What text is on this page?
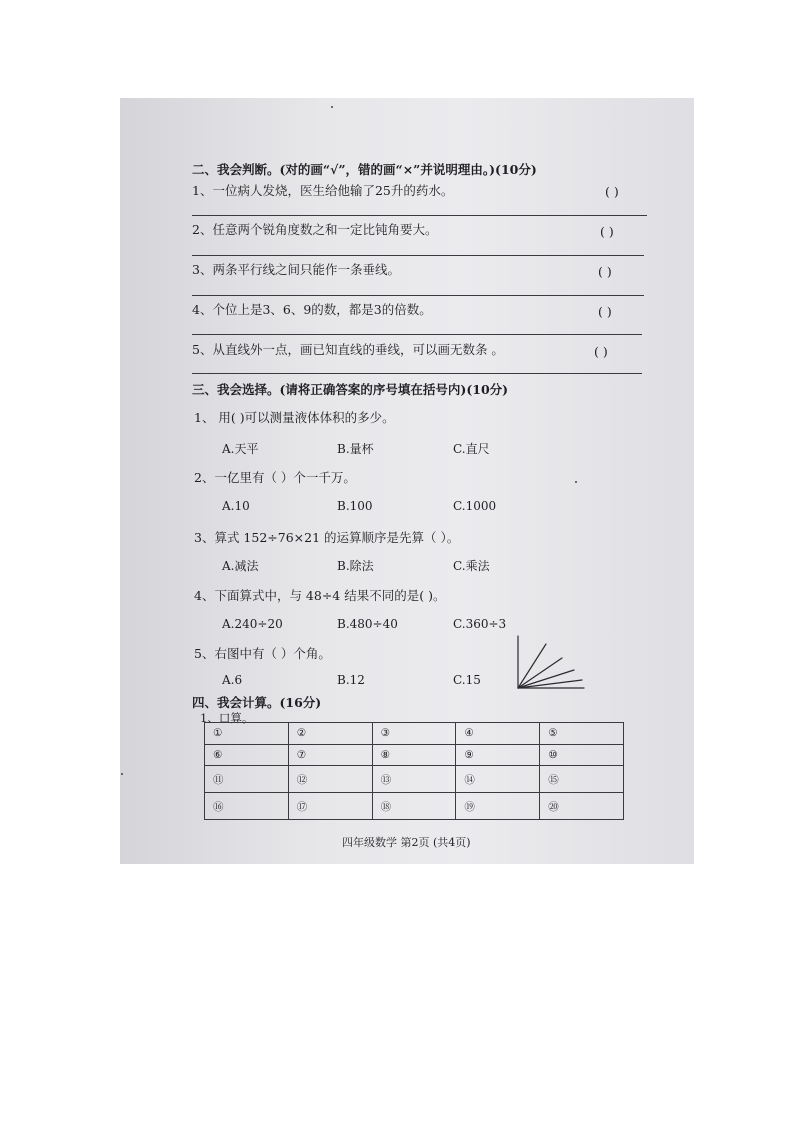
二、我会判断。(对的画“√”，错的画“×”并说明理由。)(10分)
1、一位病人发烧，医生给他输了25升的药水。	( )
2、任意两个锐角度数之和一定比钝角要大。	( )
3、两条平行线之间只能作一条垂线。	( )
4、个位上是3、6、9的数，都是3的倍数。	( )
5、从直线外一点，画已知直线的垂线，可以画无数条 。	( )
三、我会选择。(请将正确答案的序号填在括号内)(10分)
1、 用( )可以测量液体体积的多少。
A.天平	B.量杯	C.直尺
2、一亿里有（ ）个一千万。
A.10	B.100	C.1000
3、算式 152÷76×21 的运算顺序是先算（ ）。
A.减法	B.除法	C.乘法
4、下面算式中，与 48÷4 结果不同的是( )。
A.240÷20	B.480÷40	C.360÷3
5、右图中有（ ）个角。
A.6	B.12	C.15
四、我会计算。(16分)
1、口算。
①	②	③	④	⑤
⑥	⑦	⑧	⑨	⑩
⑪	⑫	⑬	⑭	⑮
⑯	⑰	⑱	⑲	⑳
四年级数学 第2页 (共4页)
